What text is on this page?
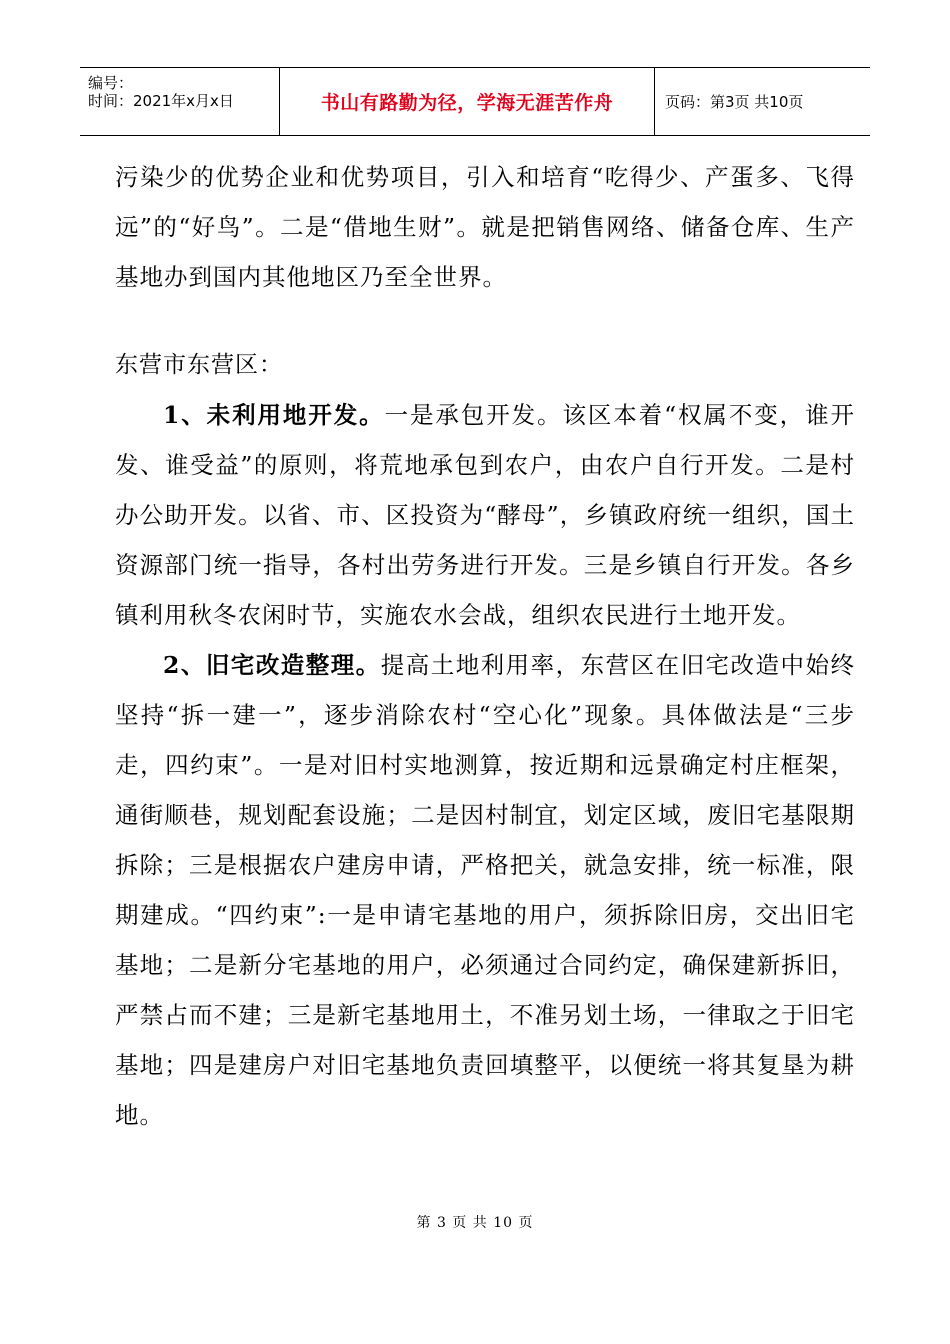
编号：
时间：2021年x月x日	书山有路勤为径，学海无涯苦作舟	页码：第3页 共10页

污染少的优势企业和优势项目，引入和培育“吃得少、产蛋多、飞得远”的“好鸟”。二是“借地生财”。就是把销售网络、储备仓库、生产基地办到国内其他地区乃至全世界。

东营市东营区：

1、未利用地开发。一是承包开发。该区本着“权属不变，谁开发、谁受益”的原则，将荒地承包到农户，由农户自行开发。二是村办公助开发。以省、市、区投资为“酵母”，乡镇政府统一组织，国土资源部门统一指导，各村出劳务进行开发。三是乡镇自行开发。各乡镇利用秋冬农闲时节，实施农水会战，组织农民进行土地开发。

2、旧宅改造整理。提高土地利用率，东营区在旧宅改造中始终坚持“拆一建一”，逐步消除农村“空心化”现象。具体做法是“三步走，四约束”。一是对旧村实地测算，按近期和远景确定村庄框架，通街顺巷，规划配套设施；二是因村制宜，划定区域，废旧宅基限期拆除；三是根据农户建房申请，严格把关，就急安排，统一标准，限期建成。“四约束”:一是申请宅基地的用户，须拆除旧房，交出旧宅基地；二是新分宅基地的用户，必须通过合同约定，确保建新拆旧，严禁占而不建；三是新宅基地用土，不准另划土场，一律取之于旧宅基地；四是建房户对旧宅基地负责回填整平，以便统一将其复垦为耕地。

第 3 页 共 10 页
